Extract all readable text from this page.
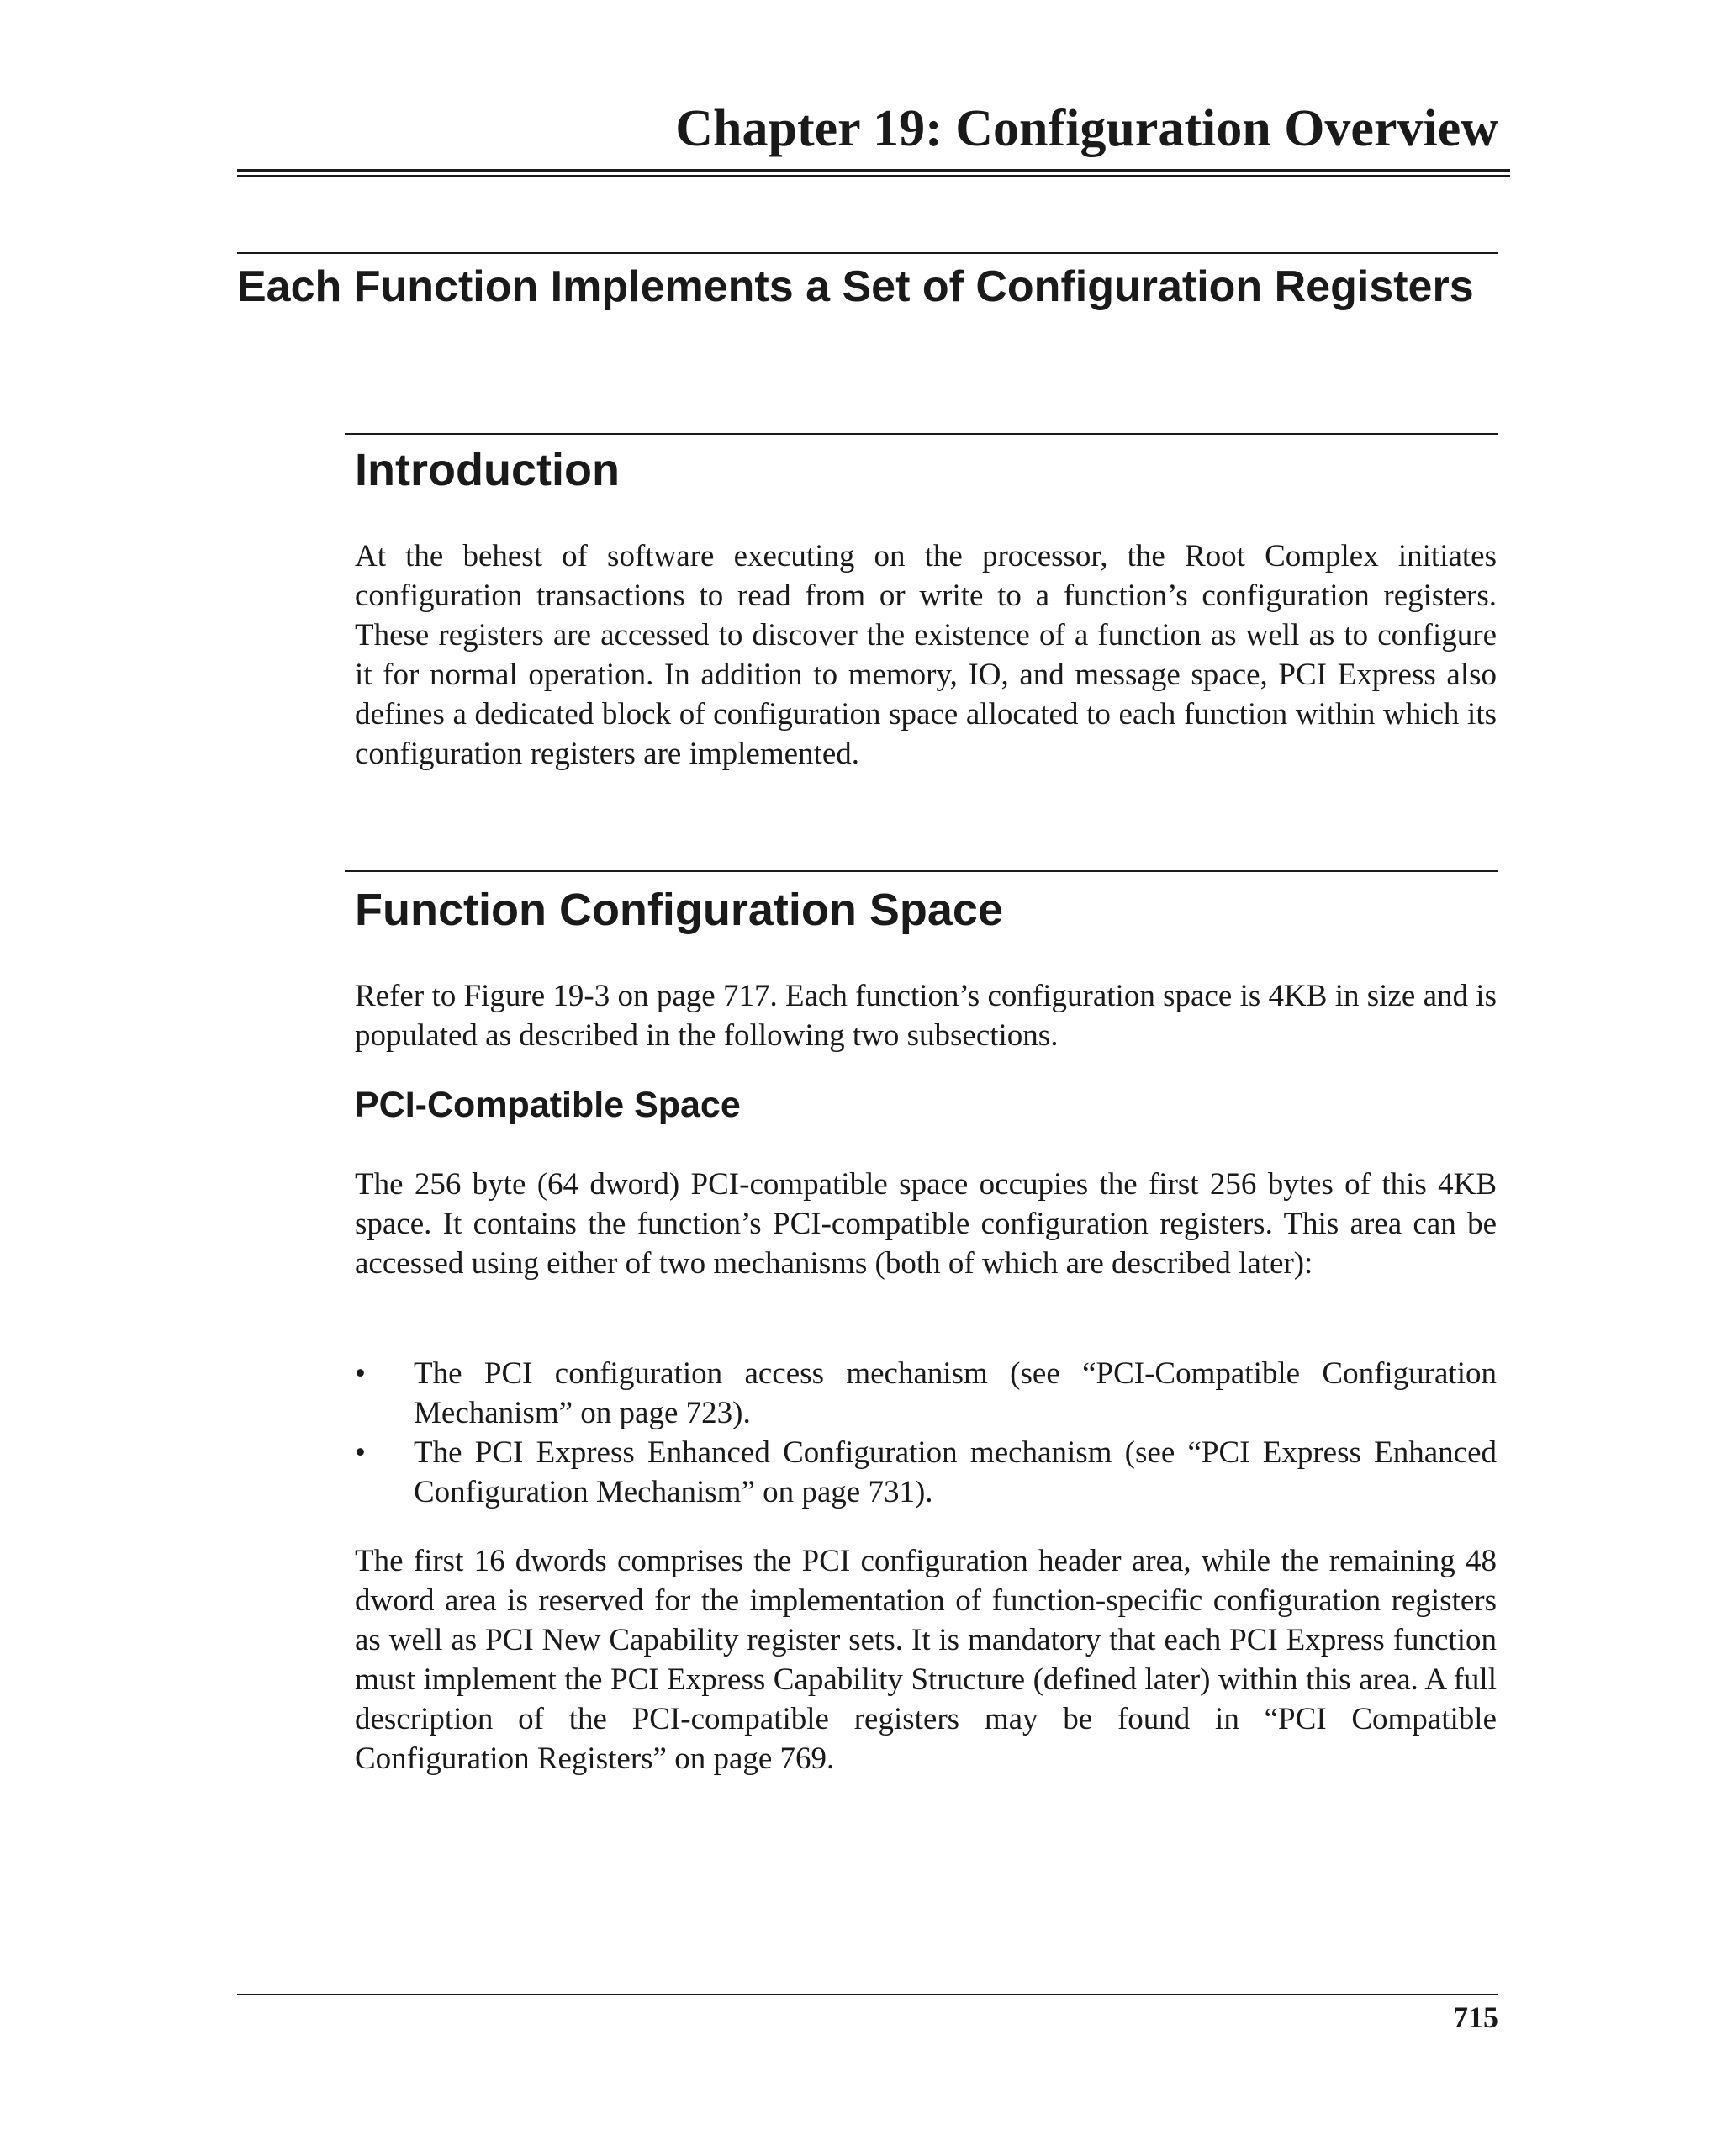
Chapter 19: Configuration Overview
Each Function Implements a Set of Configuration Registers
Introduction

At the behest of software executing on the processor, the Root Complex initiates configuration transactions to read from or write to a function’s configuration registers. These registers are accessed to discover the existence of a function as well as to configure it for normal operation. In addition to memory, IO, and message space, PCI Express also defines a dedicated block of configuration space allocated to each function within which its configuration registers are implemented.

Function Configuration Space

Refer to Figure 19-3 on page 717. Each function’s configuration space is 4KB in size and is populated as described in the following two subsections.

PCI-Compatible Space

The 256 byte (64 dword) PCI-compatible space occupies the first 256 bytes of this 4KB space. It contains the function’s PCI-compatible configuration registers. This area can be accessed using either of two mechanisms (both of which are described later):

• The PCI configuration access mechanism (see “PCI-Compatible Configuration Mechanism” on page 723).
• The PCI Express Enhanced Configuration mechanism (see “PCI Express Enhanced Configuration Mechanism” on page 731).

The first 16 dwords comprises the PCI configuration header area, while the remaining 48 dword area is reserved for the implementation of function-specific configuration registers as well as PCI New Capability register sets. It is mandatory that each PCI Express function must implement the PCI Express Capability Structure (defined later) within this area. A full description of the PCI-compatible registers may be found in “PCI Compatible Configuration Registers” on page 769.

715
